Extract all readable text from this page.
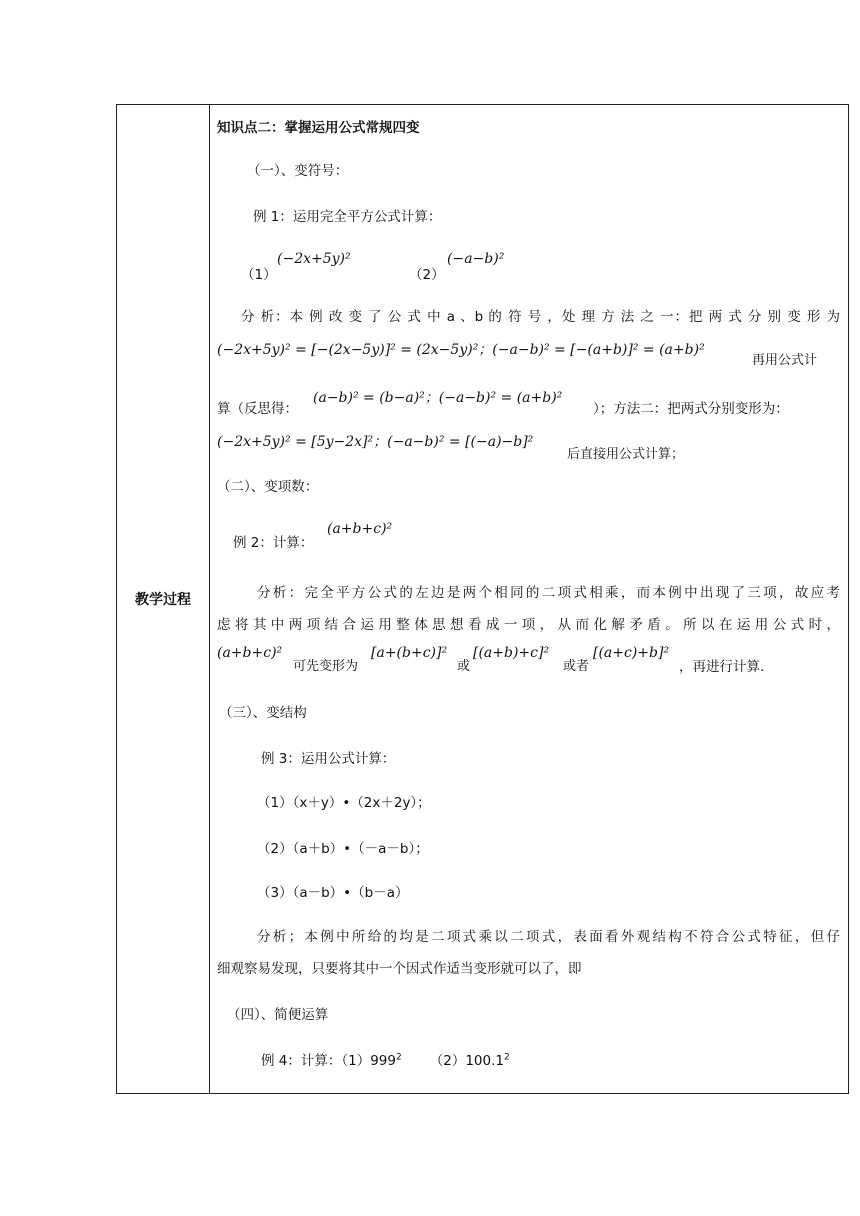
教学过程
知识点二：掌握运用公式常规四变
（一）、变符号：
例 1：运用完全平方公式计算：
（1）
(−2x+5y)²
（2）
(−a−b)²
分 析：本 例 改 变 了 公 式 中 a 、b 的 符 号 ，处 理 方 法 之 一：把 两 式 分 别 变 形 为
(−2x+5y)² = [−(2x−5y)]² = (2x−5y)²；(−a−b)² = [−(a+b)]² = (a+b)²
再用公式计
算（反思得：
(a−b)² = (b−a)²；(−a−b)² = (a+b)²
）；方法二：把两式分别变形为：
(−2x+5y)² = [5y−2x]²；(−a−b)² = [(−a)−b]²
后直接用公式计算；
（二）、变项数：
例 2：计算：
(a+b+c)²
分析：完全平方公式的左边是两个相同的二项式相乘，而本例中出现了三项，故应考
虑将其中两项结合运用整体思想看成一项，从而化解矛盾。所以在运用公式时，
(a+b+c)²
可先变形为
[a+(b+c)]²
或
[(a+b)+c]²
或者
[(a+c)+b]²
，再进行计算.
（三）、变结构
例 3：运用公式计算：
（1）（x＋y）•（2x＋2y）；
（2）（a＋b）•（－a－b）；
（3）（a－b）•（b－a）
分析；本例中所给的均是二项式乘以二项式，表面看外观结构不符合公式特征，但仔
细观察易发现，只要将其中一个因式作适当变形就可以了，即
（四）、简便运算
例 4：计算：$(1)999^2$ （2）100.1$^2$
